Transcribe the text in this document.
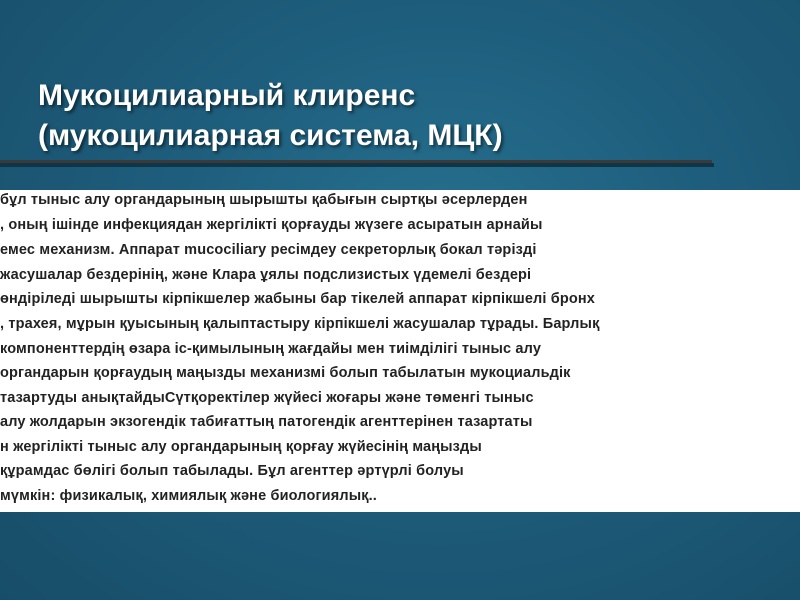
Мукоцилиарный клиренс
(мукоцилиарная система, МЦК)
бұл тыныс алу органдарының шырышты қабығын сыртқы әсерлерден
, оның ішінде инфекциядан жергілікті қорғауды жүзеге асыратын арнайы
емес механизм. Аппарат mucociliary ресімдеу секреторлық бокал тәрізді
жасушалар бездерінің, және Клара ұялы подслизистых үдемелі бездері
өндіріледі шырышты кірпікшелер жабыны бар тікелей аппарат кірпікшелі бронх
, трахея, мұрын қуысының қалыптастыру кірпікшелі жасушалар тұрады. Барлық
компоненттердің өзара іс-қимылының жағдайы мен тиімділігі тыныс алу
органдарын қорғаудың маңызды механизмі болып табылатын мукоциальдік
тазартуды анықтайдыСүтқоректілер жүйесі жоғары және төменгі тыныс
алу жолдарын экзогендік табиғаттың патогендік агенттерінен тазартаты
н жергілікті тыныс алу органдарының қорғау жүйесінің маңызды
құрамдас бөлігі болып табылады. Бұл агенттер әртүрлі болуы
мүмкін: физикалық, химиялық және биологиялық..
